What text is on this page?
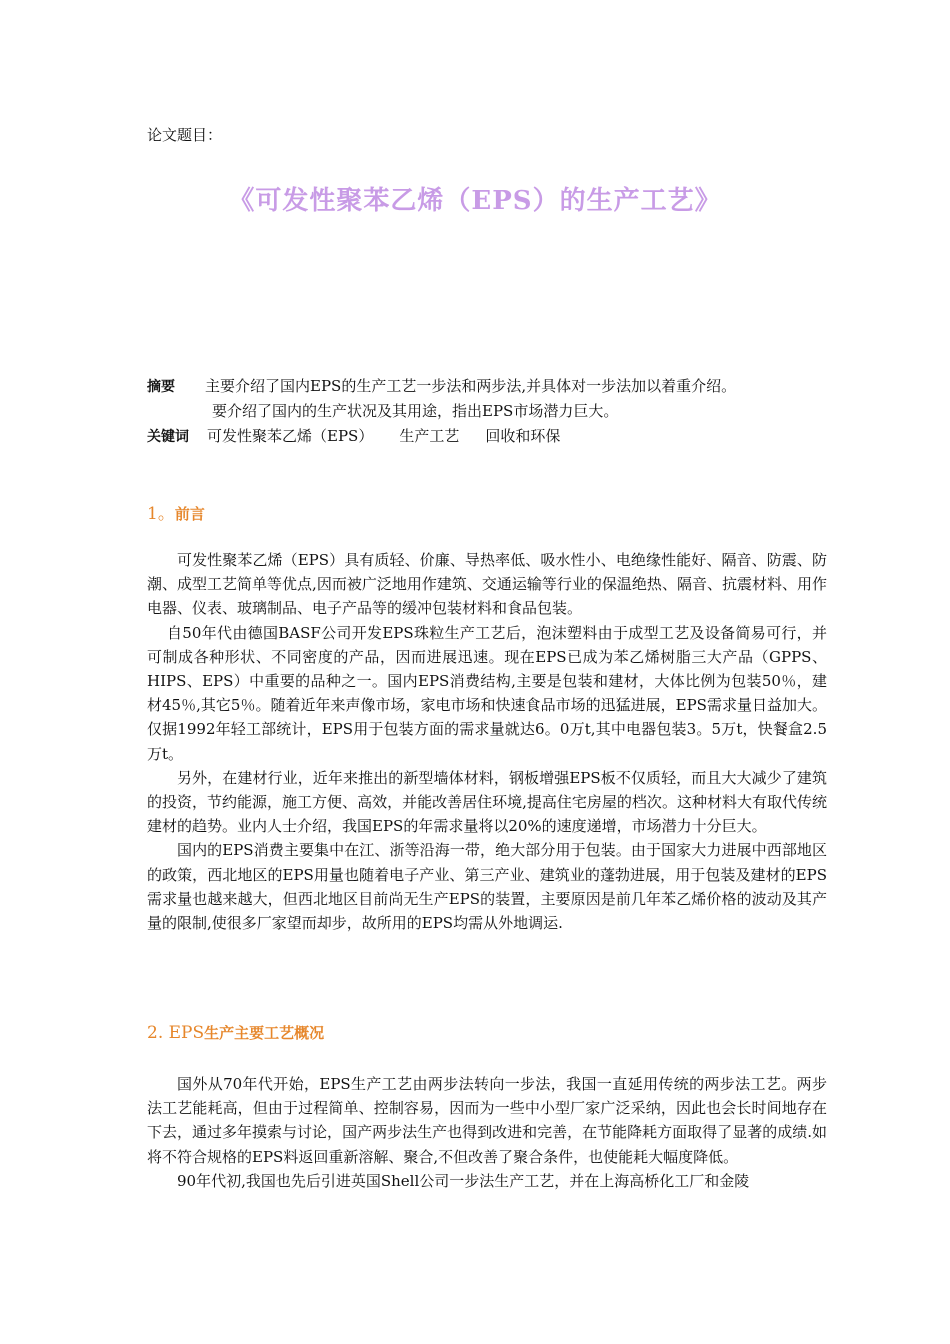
论文题目：
《可发性聚苯乙烯（EPS）的生产工艺》
摘要 主要介绍了国内EPS的生产工艺一步法和两步法,并具体对一步法加以着重介绍。
要介绍了国内的生产状况及其用途，指出EPS市场潜力巨大。
关键词 可发性聚苯乙烯（EPS） 生产工艺 回收和环保
1。前言

可发性聚苯乙烯（EPS）具有质轻、价廉、导热率低、吸水性小、电绝缘性能好、隔音、防震、防潮、成型工艺简单等优点,因而被广泛地用作建筑、交通运输等行业的保温绝热、隔音、抗震材料、用作电器、仪表、玻璃制品、电子产品等的缓冲包装材料和食品包装。

自50年代由德国BASF公司开发EPS珠粒生产工艺后，泡沫塑料由于成型工艺及设备简易可行，并可制成各种形状、不同密度的产品，因而进展迅速。现在EPS已成为苯乙烯树脂三大产品（GPPS、HIPS、EPS）中重要的品种之一。国内EPS消费结构,主要是包装和建材，大体比例为包装50％，建材45％,其它5％。随着近年来声像市场，家电市场和快速食品市场的迅猛进展，EPS需求量日益加大。仅据1992年轻工部统计，EPS用于包装方面的需求量就达6。0万t,其中电器包装3。5万t，快餐盒2.5万t。

另外，在建材行业，近年来推出的新型墙体材料，钢板增强EPS板不仅质轻，而且大大减少了建筑的投资，节约能源，施工方便、高效，并能改善居住环境,提高住宅房屋的档次。这种材料大有取代传统建材的趋势。业内人士介绍，我国EPS的年需求量将以20%的速度递增，市场潜力十分巨大。

国内的EPS消费主要集中在江、浙等沿海一带，绝大部分用于包装。由于国家大力进展中西部地区的政策，西北地区的EPS用量也随着电子产业、第三产业、建筑业的蓬勃进展，用于包装及建材的EPS需求量也越来越大，但西北地区目前尚无生产EPS的装置，主要原因是前几年苯乙烯价格的波动及其产量的限制,使很多厂家望而却步，故所用的EPS均需从外地调运.

2. EPS生产主要工艺概况

国外从70年代开始，EPS生产工艺由两步法转向一步法，我国一直延用传统的两步法工艺。两步法工艺能耗高，但由于过程简单、控制容易，因而为一些中小型厂家广泛采纳，因此也会长时间地存在下去，通过多年摸索与讨论，国产两步法生产也得到改进和完善，在节能降耗方面取得了显著的成绩.如将不符合规格的EPS料返回重新溶解、聚合,不但改善了聚合条件，也使能耗大幅度降低。

90年代初,我国也先后引进英国Shell公司一步法生产工艺，并在上海高桥化工厂和金陵
